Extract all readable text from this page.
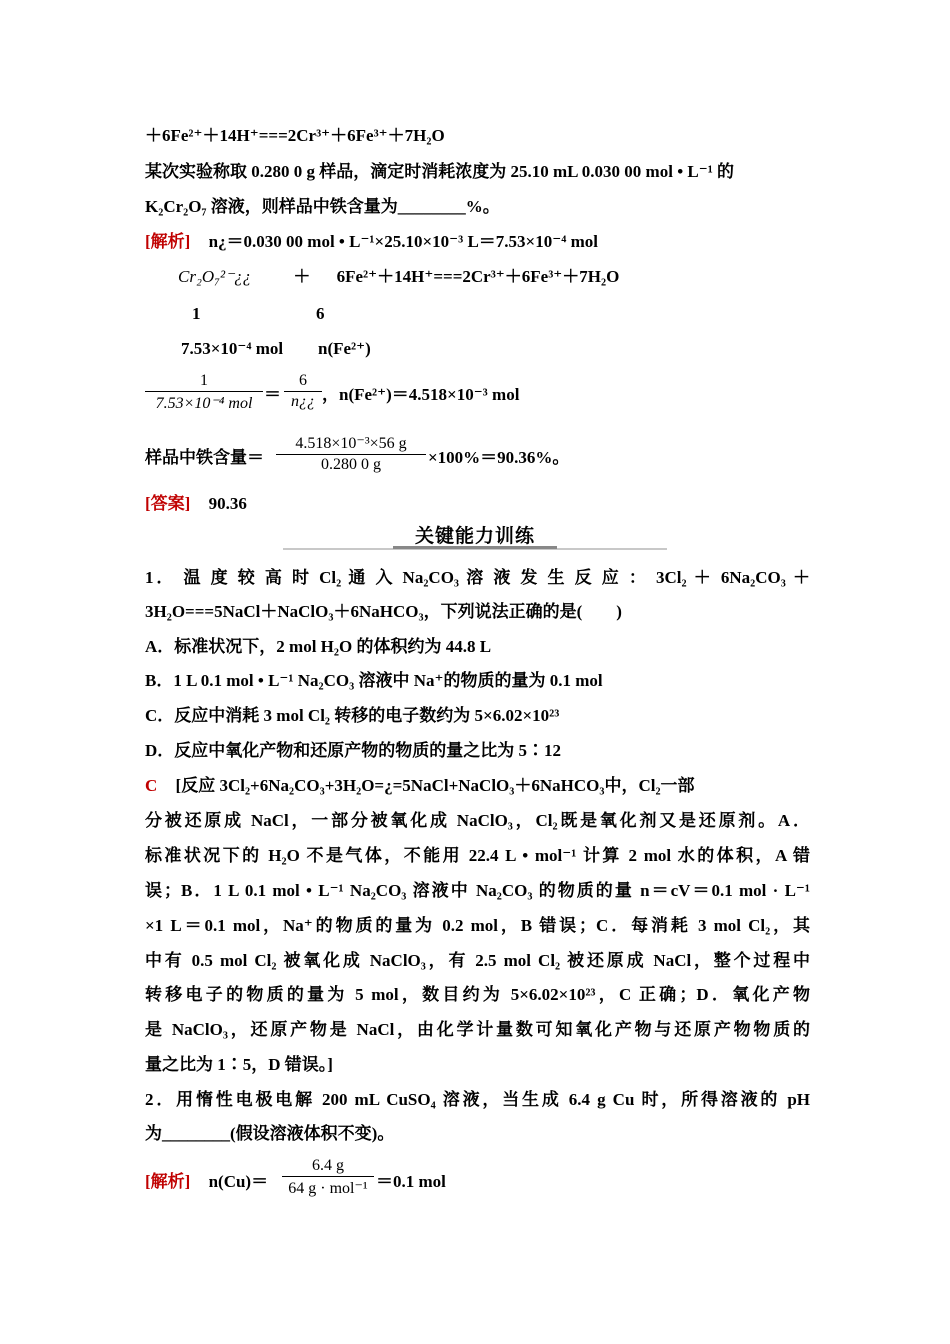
＋6Fe²⁺＋14H⁺===2Cr³⁺＋6Fe³⁺＋7H₂O
某次实验称取 0.280 0 g 样品，滴定时消耗浓度为 25.10 mL 0.030 00 mol • L⁻¹ 的
K₂Cr₂O₇ 溶液，则样品中铁含量为________%。
[解析] n¿＝0.030 00 mol • L⁻¹×25.10×10⁻³ L＝7.53×10⁻⁴ mol
Cr₂O₇²⁻¿¿ ＋ 6Fe²⁺＋14H⁺===2Cr³⁺＋6Fe³⁺＋7H₂O
1	6
7.53×10⁻⁴ mol	n(Fe²⁺)
1
7.53×10⁻⁴ mol ＝
6
n¿¿ ，n(Fe²⁺)＝4.518×10⁻³ mol
样品中铁含量＝
4.518×10⁻³×56 g
0.280 0 g	×100%＝90.36%。
[答案] 90.36
关键能力训练
1． 温 度 较 高 时 Cl₂ 通 入 Na₂CO₃ 溶 液 发 生 反 应 ： 3Cl₂ ＋ 6Na₂CO₃ ＋
3H₂O===5NaCl＋NaClO₃＋6NaHCO₃，下列说法正确的是(　　)
A．标准状况下，2 mol H₂O 的体积约为 44.8 L
B．1 L 0.1 mol • L⁻¹ Na₂CO₃ 溶液中 Na⁺的物质的量为 0.1 mol
C．反应中消耗 3 mol Cl₂ 转移的电子数约为 5×6.02×10²³
D．反应中氧化产物和还原产物的物质的量之比为 5∶12
C [反应 3Cl₂+6Na₂CO₃+3H₂O=¿=5NaCl+NaClO₃＋6NaHCO₃中，Cl₂一部
分被还原成 NaCl，一部分被氧化成 NaClO₃，Cl₂既是氧化剂又是还原剂。A．
标准状况下的 H₂O 不是气体，不能用 22.4 L • mol⁻¹ 计算 2 mol 水的体积，A 错
误；B．1 L 0.1 mol • L⁻¹ Na₂CO₃ 溶液中 Na₂CO₃ 的物质的量 n＝cV＝0.1 mol · L⁻¹
×1 L＝0.1 mol，Na⁺的物质的量为 0.2 mol，B 错误；C．每消耗 3 mol Cl₂，其
中有 0.5 mol Cl₂ 被氧化成 NaClO₃，有 2.5 mol Cl₂ 被还原成 NaCl，整个过程中
转移电子的物质的量为 5 mol，数目约为 5×6.02×10²³，C 正确；D．氧化产物
是 NaClO₃，还原产物是 NaCl，由化学计量数可知氧化产物与还原产物物质的
量之比为 1∶5，D 错误。]
2．用惰性电极电解 200 mL CuSO₄ 溶液，当生成 6.4 g Cu 时，所得溶液的 pH
为________(假设溶液体积不变)。
[解析] n(Cu)＝
6.4 g
64 g · mol⁻¹ ＝0.1 mol
